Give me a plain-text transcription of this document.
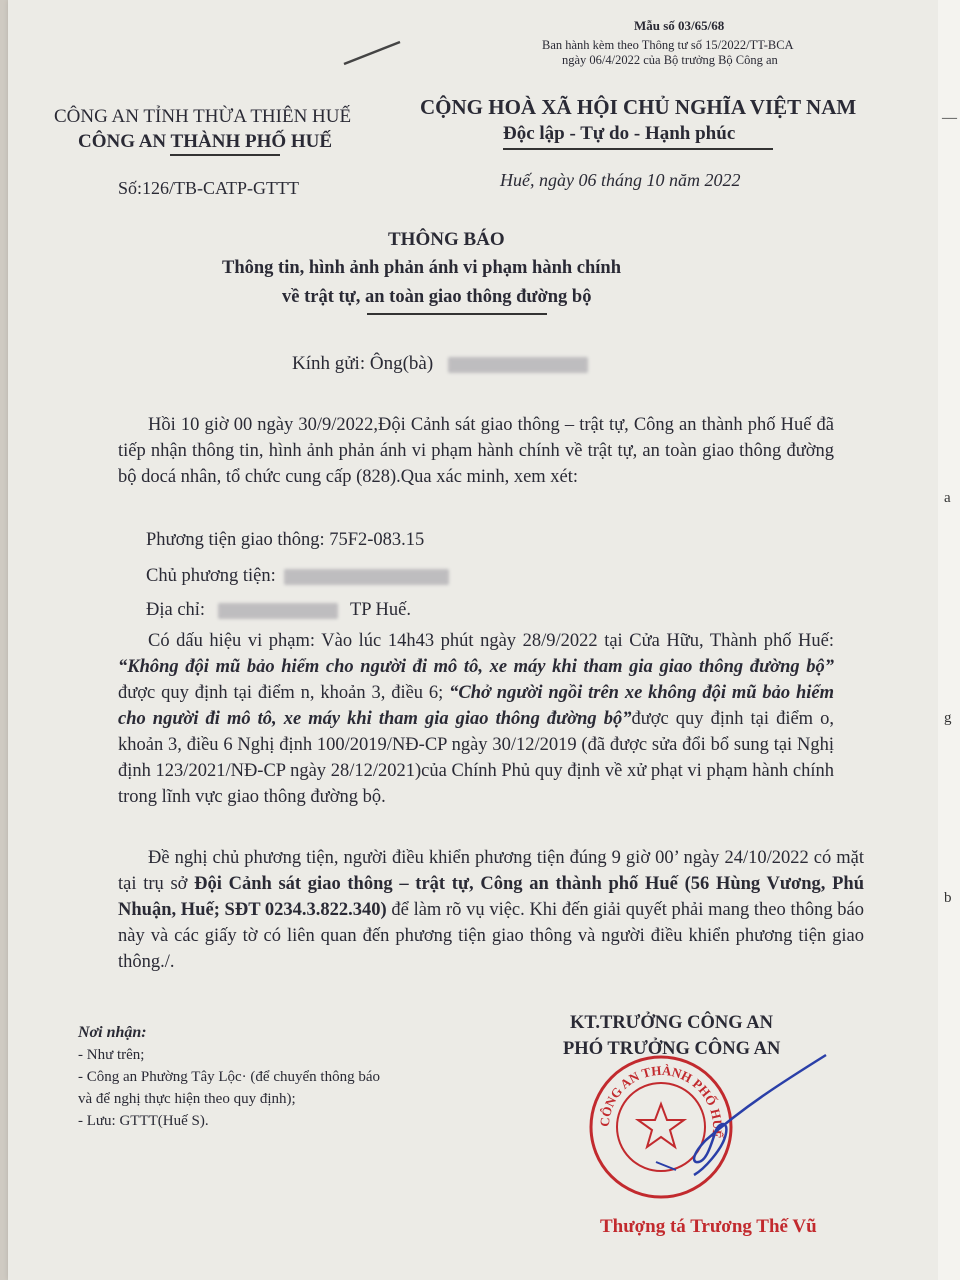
—
a
g
b
Mẫu số 03/65/68
Ban hành kèm theo Thông tư số 15/2022/TT-BCA
ngày 06/4/2022 của Bộ trưởng Bộ Công an
CÔNG AN TỈNH THỪA THIÊN HUẾ
CÔNG AN THÀNH PHỐ HUẾ
Số:126/TB-CATP-GTTT
CỘNG HOÀ XÃ HỘI CHỦ NGHĨA VIỆT NAM
Độc lập - Tự do - Hạnh phúc
Huế, ngày 06 tháng 10 năm 2022
THÔNG BÁO
Thông tin, hình ảnh phản ánh vi phạm hành chính
về trật tự, an toàn giao thông đường bộ
Kính gửi: Ông(bà)

Hồi 10 giờ 00 ngày 30/9/2022,Đội Cảnh sát giao thông – trật tự, Công an thành phố Huế đã tiếp nhận thông tin, hình ảnh phản ánh vi phạm hành chính về trật tự, an toàn giao thông đường bộ docá nhân, tổ chức cung cấp (828).Qua xác minh, xem xét:

Phương tiện giao thông: 75F2-083.15
Chủ phương tiện:
Địa chỉ:	TP Huế.

Có dấu hiệu vi phạm: Vào lúc 14h43 phút ngày 28/9/2022 tại Cửa Hữu, Thành phố Huế: “Không đội mũ bảo hiểm cho người đi mô tô, xe máy khi tham gia giao thông đường bộ” được quy định tại điểm n, khoản 3, điều 6; “Chở người ngồi trên xe không đội mũ bảo hiểm cho người đi mô tô, xe máy khi tham gia giao thông đường bộ”được quy định tại điểm o, khoản 3, điều 6 Nghị định 100/2019/NĐ-CP ngày 30/12/2019 (đã được sửa đổi bổ sung tại Nghị định 123/2021/NĐ-CP ngày 28/12/2021)của Chính Phủ quy định về xử phạt vi phạm hành chính trong lĩnh vực giao thông đường bộ.

Đề nghị chủ phương tiện, người điều khiển phương tiện đúng 9 giờ 00’ ngày 24/10/2022 có mặt tại trụ sở Đội Cảnh sát giao thông – trật tự, Công an thành phố Huế (56 Hùng Vương, Phú Nhuận, Huế; SĐT 0234.3.822.340) để làm rõ vụ việc. Khi đến giải quyết phải mang theo thông báo này và các giấy tờ có liên quan đến phương tiện giao thông và người điều khiển phương tiện giao thông./.

Nơi nhận:
- Như trên;
- Công an Phường Tây Lộc· (để chuyển thông báo
và để nghị thực hiện theo quy định);
- Lưu: GTTT(Huế S).
KT.TRƯỞNG CÔNG AN
PHÓ TRƯỞNG CÔNG AN
CÔNG AN THÀNH PHỐ HUẾ
Thượng tá Trương Thế Vũ
